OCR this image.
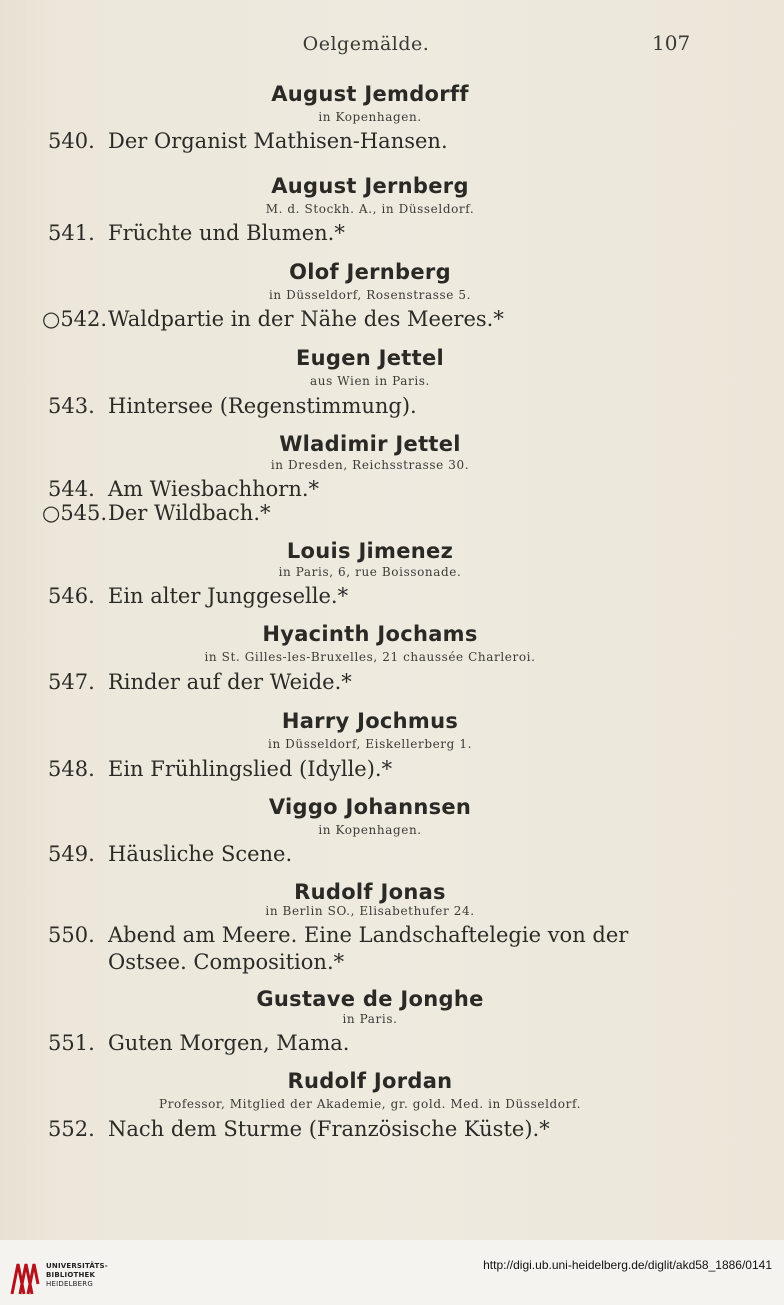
Oelgemälde.	107
August Jemdorff
in Kopenhagen.
540. Der Organist Mathisen-Hansen.
August Jernberg
M. d. Stockh. A., in Düsseldorf.
541. Früchte und Blumen.*
Olof Jernberg
in Düsseldorf, Rosenstrasse 5.
○542.Waldpartie in der Nähe des Meeres.*
Eugen Jettel
aus Wien in Paris.
543. Hintersee (Regenstimmung).
Wladimir Jettel
in Dresden, Reichsstrasse 30.
544. Am Wiesbachhorn.*
○545.Der Wildbach.*
Louis Jimenez
in Paris, 6, rue Boissonade.
546. Ein alter Junggeselle.*
Hyacinth Jochams
in St. Gilles-les-Bruxelles, 21 chaussée Charleroi.
547. Rinder auf der Weide.*
Harry Jochmus
in Düsseldorf, Eiskellerberg 1.
548. Ein Frühlingslied (Idylle).*
Viggo Johannsen
in Kopenhagen.
549. Häusliche Scene.
Rudolf Jonas
in Berlin SO., Elisabethufer 24.
550. Abend am Meere. Eine Landschaftelegie von der
Ostsee. Composition.*
Gustave de Jonghe
in Paris.
551. Guten Morgen, Mama.
Rudolf Jordan
Professor, Mitglied der Akademie, gr. gold. Med. in Düsseldorf.
552. Nach dem Sturme (Französische Küste).*
UNIVERSITÄTS-
BIBLIOTHEK
HEIDELBERG
http://digi.ub.uni-heidelberg.de/diglit/akd58_1886/0141
